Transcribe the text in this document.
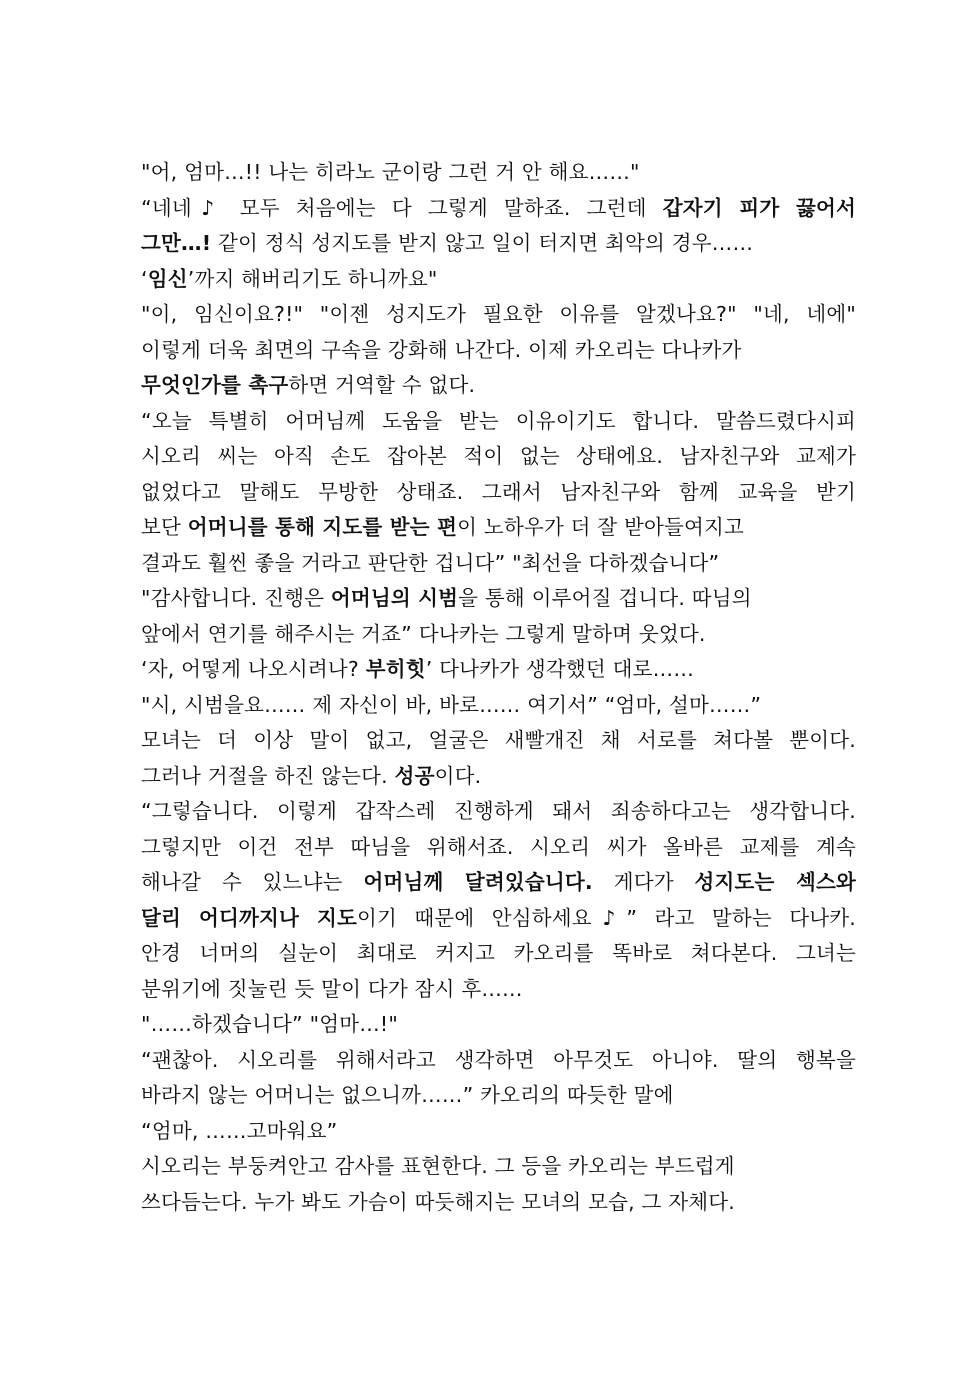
"어, 엄마…!! 나는 히라노 군이랑 그런 거 안 해요……"
“네네♪ 모두 처음에는 다 그렇게 말하죠. 그런데 갑자기 피가 끓어서
그만…! 같이 정식 성지도를 받지 않고 일이 터지면 최악의 경우……
‘임신’까지 해버리기도 하니까요"
"이, 임신이요?!" "이젠 성지도가 필요한 이유를 알겠나요?" "네, 네에"
이렇게 더욱 최면의 구속을 강화해 나간다. 이제 카오리는 다나카가
무엇인가를 촉구하면 거역할 수 없다.
“오늘 특별히 어머님께 도움을 받는 이유이기도 합니다. 말씀드렸다시피
시오리 씨는 아직 손도 잡아본 적이 없는 상태에요. 남자친구와 교제가
없었다고 말해도 무방한 상태죠. 그래서 남자친구와 함께 교육을 받기
보단 어머니를 통해 지도를 받는 편이 노하우가 더 잘 받아들여지고
결과도 훨씬 좋을 거라고 판단한 겁니다” "최선을 다하겠습니다”
"감사합니다. 진행은 어머님의 시범을 통해 이루어질 겁니다. 따님의
앞에서 연기를 해주시는 거죠” 다나카는 그렇게 말하며 웃었다.
‘자, 어떻게 나오시려나? 부히힛’ 다나카가 생각했던 대로……
"시, 시범을요…… 제 자신이 바, 바로…… 여기서” “엄마, 설마……”
모녀는 더 이상 말이 없고, 얼굴은 새빨개진 채 서로를 쳐다볼 뿐이다.
그러나 거절을 하진 않는다. 성공이다.
“그렇습니다. 이렇게 갑작스레 진행하게 돼서 죄송하다고는 생각합니다.
그렇지만 이건 전부 따님을 위해서죠. 시오리 씨가 올바른 교제를 계속
해나갈 수 있느냐는 어머님께 달려있습니다. 게다가 성지도는 섹스와
달리 어디까지나 지도이기 때문에 안심하세요♪” 라고 말하는 다나카.
안경 너머의 실눈이 최대로 커지고 카오리를 똑바로 쳐다본다. 그녀는
분위기에 짓눌린 듯 말이 다가 잠시 후……
"……하겠습니다” "엄마…!"
“괜찮아. 시오리를 위해서라고 생각하면 아무것도 아니야. 딸의 행복을
바라지 않는 어머니는 없으니까……” 카오리의 따듯한 말에
“엄마, ……고마워요”
시오리는 부둥켜안고 감사를 표현한다. 그 등을 카오리는 부드럽게
쓰다듬는다. 누가 봐도 가슴이 따듯해지는 모녀의 모습, 그 자체다.
